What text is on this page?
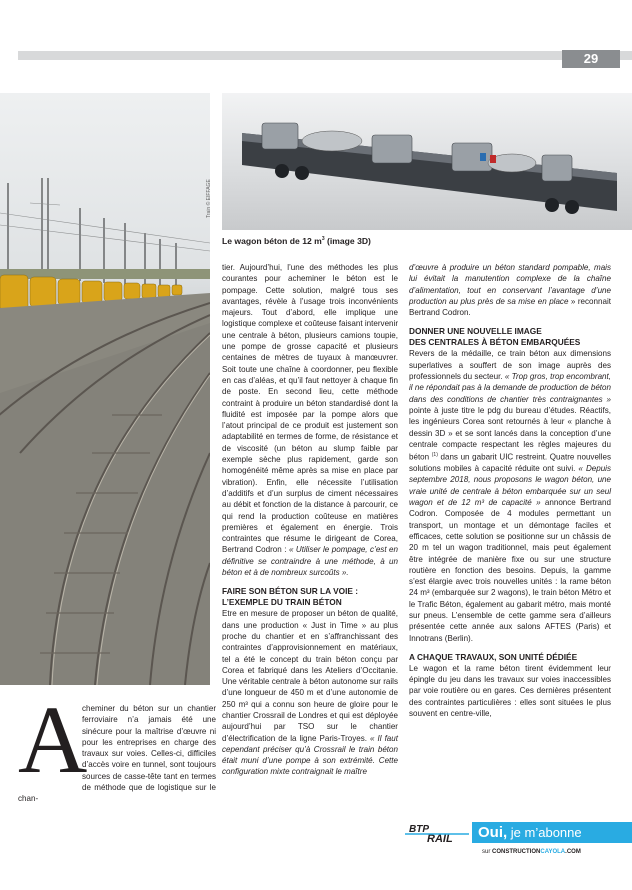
29
Train © EIFFAGE
Le wagon béton de 12 $m^3$ (image 3D)
A
cheminer du béton sur un chantier ferroviaire n’a jamais été une sinécure pour la maîtrise d’œuvre ni pour les entreprises en charge des travaux sur voies. Celles-ci, difficiles d’accès voire en tunnel, sont toujours sources de casse-tête tant en termes de méthode que de logistique sur le chan-

tier. Aujourd’hui, l’une des méthodes les plus courantes pour acheminer le béton est le pompage. Cette solution, malgré tous ses avantages, révèle à l’usage trois inconvénients majeurs. Tout d’abord, elle implique une logistique complexe et coûteuse faisant intervenir une centrale à béton, plusieurs camions toupie, une pompe de grosse capacité et plusieurs centaines de mètres de tuyaux à manœuvrer. Soit toute une chaîne à coordonner, peu flexible en cas d’aléas, et qu’il faut nettoyer à chaque fin de poste. En second lieu, cette méthode contraint à produire un béton standardisé dont la fluidité est imposée par la pompe alors que l’atout principal de ce produit est justement son adaptabilité en termes de forme, de résistance et de viscosité (un béton au slump faible par exemple sèche plus rapidement, garde son homogénéité même après sa mise en place par vibration). Enfin, elle nécessite l’utilisation d’additifs et d’un surplus de ciment nécessaires au débit et fonction de la distance à parcourir, ce qui rend la production coûteuse en matières premières et également en énergie. Trois contraintes que résume le dirigeant de Corea, Bertrand Codron : « Utiliser le pompage, c’est en définitive se contraindre à une méthode, à un béton et à de nombreux surcoûts ».

FAIRE SON BÉTON SUR LA VOIE :
L’EXEMPLE DU TRAIN BÉTON

Etre en mesure de proposer un béton de qualité, dans une production « Just in Time » au plus proche du chantier et en s’affranchissant des contraintes d’approvisionnement en matériaux, tel a été le concept du train béton conçu par Corea et fabriqué dans les Ateliers d’Occitanie. Une véritable centrale à béton autonome sur rails d’une longueur de 450 m et d’une autonomie de 250 m³ qui a connu son heure de gloire pour le chantier Crossrail de Londres et qui est déployée aujourd’hui par TSO sur le chantier d’électrification de la ligne Paris-Troyes. « Il faut cependant préciser qu’à Crossrail le train béton était muni d’une pompe à son extrémité. Cette configuration mixte contraignait le maître

d’œuvre à produire un béton standard pompable, mais lui évitait la manutention complexe de la chaîne d’alimentation, tout en conservant l’avantage d’une production au plus près de sa mise en place » reconnait Bertrand Codron.

DONNER UNE NOUVELLE IMAGE
DES CENTRALES À BÉTON EMBARQUÉES

Revers de la médaille, ce train béton aux dimensions superlatives a souffert de son image auprès des professionnels du secteur. « Trop gros, trop encombrant, il ne répondait pas à la demande de production de béton dans des conditions de chantier très contraignantes » pointe à juste titre le pdg du bureau d’études. Réactifs, les ingénieurs Corea sont retournés à leur « planche à dessin 3D » et se sont lancés dans la conception d’une centrale compacte respectant les règles majeures du béton $^{(1)}$ dans un gabarit UIC restreint. Quatre nouvelles solutions mobiles à capacité réduite ont suivi. « Depuis septembre 2018, nous proposons le wagon béton, une vraie unité de centrale à béton embarquée sur un seul wagon et de 12 m³ de capacité » annonce Bertrand Codron. Composée de 4 modules permettant un transport, un montage et un démontage faciles et efficaces, cette solution se positionne sur un châssis de 20 m tel un wagon traditionnel, mais peut également être intégrée de manière fixe ou sur une structure routière en fonction des besoins. Depuis, la gamme s’est élargie avec trois nouvelles unités : la rame béton 24 m³ (embarquée sur 2 wagons), le train béton Métro et le Trafic Béton, également au gabarit métro, mais monté sur pneus. L’ensemble de cette gamme sera d’ailleurs présentée cette année aux salons AFTES (Paris) et Innotrans (Berlin).

A CHAQUE TRAVAUX, SON UNITÉ DÉDIÉE

Le wagon et la rame béton tirent évidemment leur épingle du jeu dans les travaux sur voies inaccessibles par voie routière ou en gares. Ces dernières présentent des contraintes particulières : elles sont situées le plus souvent en centre-ville,

BTP
RAIL	Oui, je m’abonne
sur CONSTRUCTIONCAYOLA.COM
